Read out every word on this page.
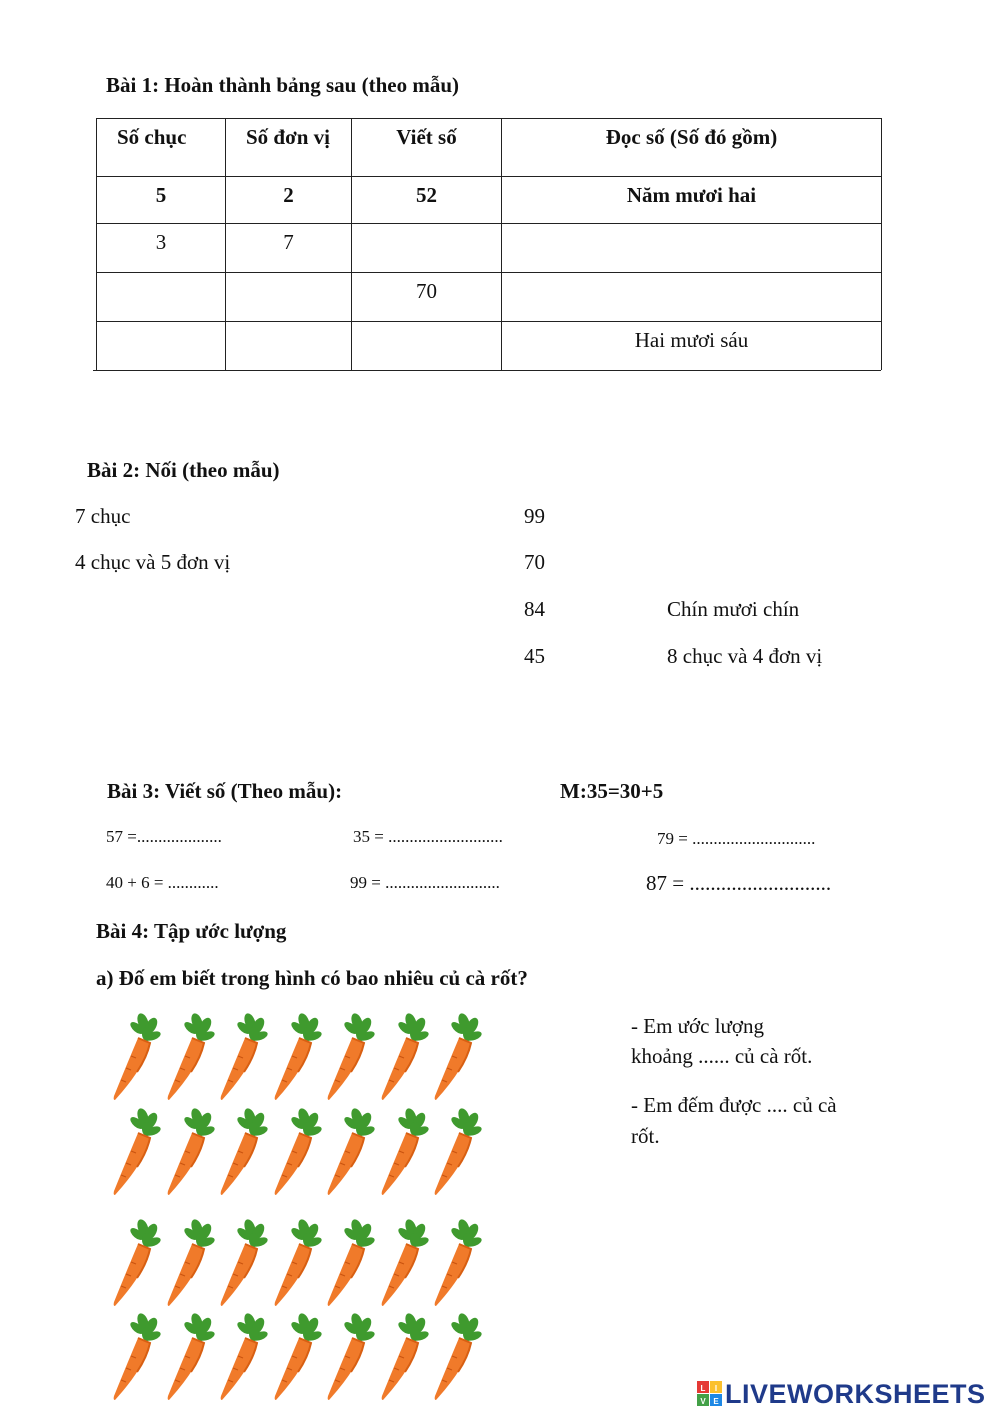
Bài 1: Hoàn thành bảng sau (theo mẫu)
Số chục	Số đơn vị	Viết số	Đọc số (Số đó gồm)
5	2	52	Năm mươi hai
3	7		
		70	
			Hai mươi sáu
Bài 2: Nối (theo mẫu)
7 chục
4 chục và 5 đơn vị
99
70
84
45
Chín mươi chín
8 chục và 4 đơn vị
Bài 3: Viết số (Theo mẫu):	M:35=30+5
57 =....................	35 = ...........................	79 = .............................
40 + 6 = ............	99 = ...........................	87 = ...........................
Bài 4: Tập ước lượng
a) Đố em biết trong hình có bao nhiêu củ cà rốt?
- Em ước lượng
khoảng ...... củ cà rốt.
- Em đếm được .... củ cà
rốt.
L I
V E LIVEWORKSHEETS
